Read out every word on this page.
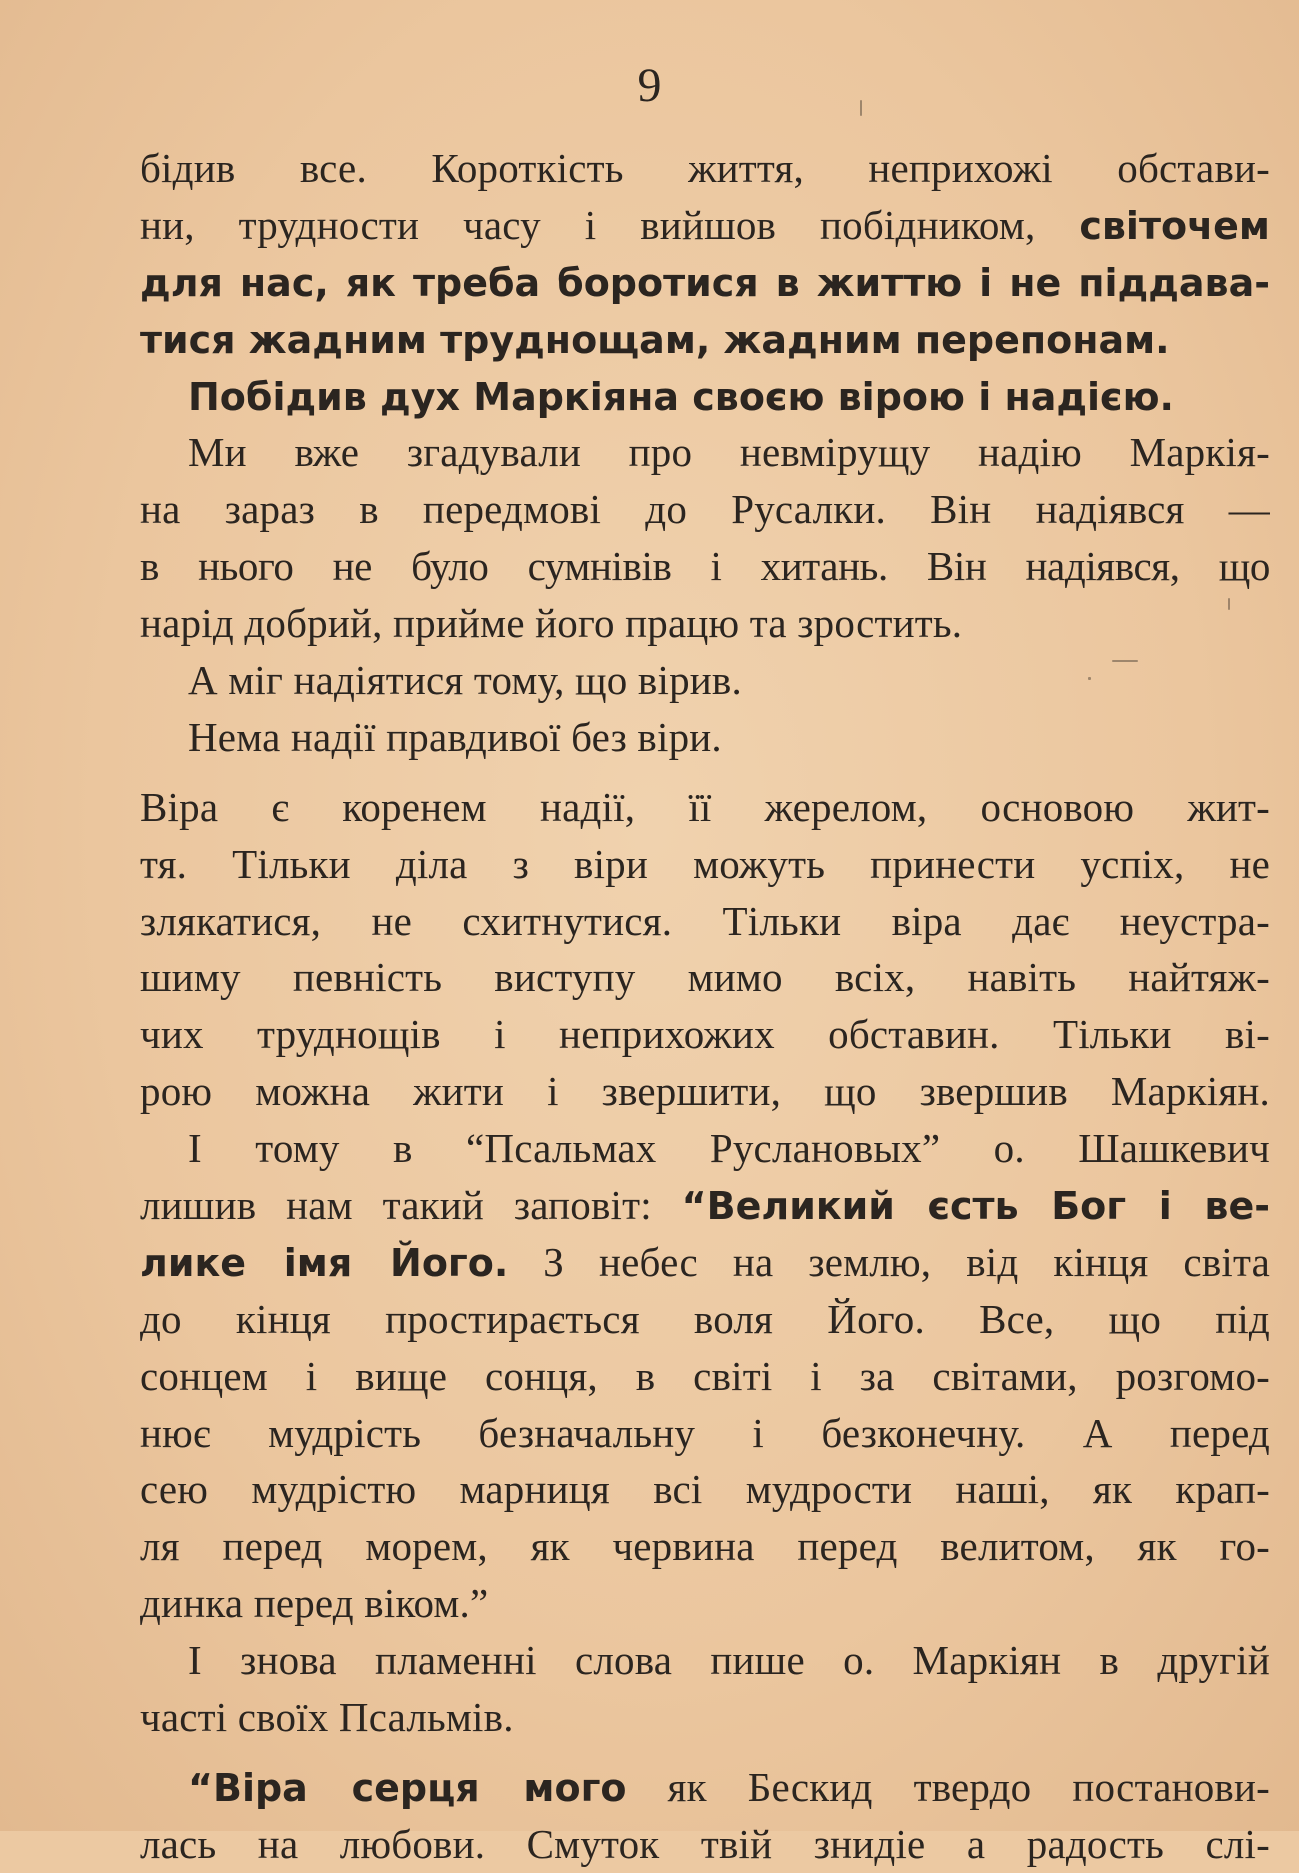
9
бідив все. Короткість життя, неприхожі обстави-
ни, трудности часу і вийшов побідником, світочем
для нас, як треба боротися в життю і не піддава-
тися жадним труднощам, жадним перепонам.
Побідив дух Маркіяна своєю вірою і надією.
Ми вже згадували про невмірущу надію Маркія-
на зараз в передмові до Русалки. Він надіявся —
в нього не було сумнівів і хитань. Він надіявся, що
нарід добрий, прийме його працю та зростить.
А міг надіятися тому, що вірив.
Нема надії правдивої без віри.
Віра є коренем надії, її жерелом, основою жит-
тя. Тільки діла з віри можуть принести успіх, не
злякатися, не схитнутися. Тільки віра дає неустра-
шиму певність виступу мимо всіх, навіть найтяж-
чих труднощів і неприхожих обставин. Тільки ві-
рою можна жити і звершити, що звершив Маркіян.
І тому в “Псальмах Руслановых” о. Шашкевич
лишив нам такий заповіт: “Великий єсть Бог і ве-
лике імя Його. З небес на землю, від кінця світа
до кінця простирається воля Його. Все, що під
сонцем і вище сонця, в світі і за світами, розгомо-
нює мудрість безначальну і безконечну. А перед
сею мудрістю марниця всі мудрости наші, як крап-
ля перед морем, як червина перед велитом, як го-
динка перед віком.”
І знова пламенні слова пише о. Маркіян в другій
часті своїх Псальмів.
“Віра серця мого як Бескид твердо постанови-
лась на любови. Смуток твій знидіе а радость слі-
